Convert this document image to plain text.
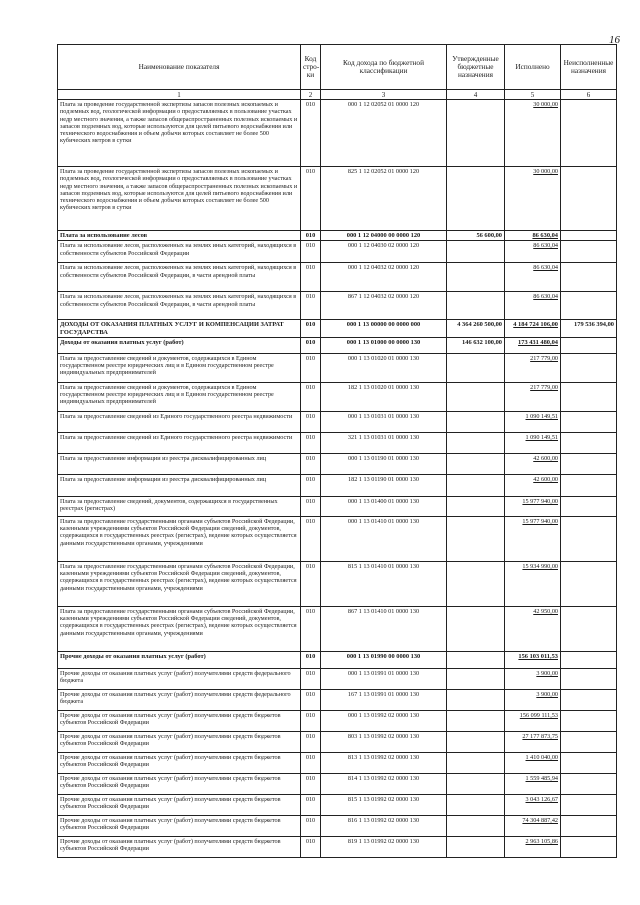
16
Наименование показателя	Код стро-ки	Код дохода по бюджетной классификации	Утвержденные бюджетные назначения	Исполнено	Неисполненные назначения
1	2	3	4	5	6
Плата за проведение государственной экспертизы запасов полезных ископаемых и подземных вод, геологической информации о предоставляемых в пользование участках недр местного значения, а также запасов общераспространенных полезных ископаемых и запасов подземных вод, которые используются для целей питьевого водоснабжения или технического водоснабжения и объем добычи которых составляет не более 500 кубических метров в сутки	010	000 1 12 02052 01 0000 120		30 000,00	
Плата за проведение государственной экспертизы запасов полезных ископаемых и подземных вод, геологической информации о предоставляемых в пользование участках недр местного значения, а также запасов общераспространенных полезных ископаемых и запасов подземных вод, которые используются для целей питьевого водоснабжения или технического водоснабжения и объем добычи которых составляет не более 500 кубических метров в сутки	010	825 1 12 02052 01 0000 120		30 000,00	
Плата за использование лесов	010	000 1 12 04000 00 0000 120	56 600,00	86 630,04	
Плата за использование лесов, расположенных на землях иных категорий, находящихся в собственности субъектов Российской Федерации	010	000 1 12 04030 02 0000 120		86 630,04	
Плата за использование лесов, расположенных на землях иных категорий, находящихся в собственности субъектов Российской Федерации, в части арендной платы	010	000 1 12 04032 02 0000 120		86 630,04	
Плата за использование лесов, расположенных на землях иных категорий, находящихся в собственности субъектов Российской Федерации, в части арендной платы	010	867 1 12 04032 02 0000 120		86 630,04	
ДОХОДЫ ОТ ОКАЗАНИЯ ПЛАТНЫХ УСЛУГ И КОМПЕНСАЦИИ ЗАТРАТ ГОСУДАРСТВА	010	000 1 13 00000 00 0000 000	4 364 260 500,00	4 184 724 106,00	179 536 394,00
Доходы от оказания платных услуг (работ)	010	000 1 13 01000 00 0000 130	146 632 100,00	173 431 480,04	
Плата за предоставление сведений и документов, содержащихся в Едином государственном реестре юридических лиц и в Едином государственном реестре индивидуальных предпринимателей	010	000 1 13 01020 01 0000 130		217 779,00	
Плата за предоставление сведений и документов, содержащихся в Едином государственном реестре юридических лиц и в Едином государственном реестре индивидуальных предпринимателей	010	182 1 13 01020 01 0000 130		217 779,00	
Плата за предоставление сведений из Единого государственного реестра недвижимости	010	000 1 13 01031 01 0000 130		1 090 149,51	
Плата за предоставление сведений из Единого государственного реестра недвижимости	010	321 1 13 01031 01 0000 130		1 090 149,51	
Плата за предоставление информации из реестра дисквалифицированных лиц	010	000 1 13 01190 01 0000 130		42 600,00	
Плата за предоставление информации из реестра дисквалифицированных лиц	010	182 1 13 01190 01 0000 130		42 600,00	
Плата за предоставление сведений, документов, содержащихся в государственных реестрах (регистрах)	010	000 1 13 01400 01 0000 130		15 977 940,00	
Плата за предоставление государственными органами субъектов Российской Федерации, казенными учреждениями субъектов Российской Федерации сведений, документов, содержащихся в государственных реестрах (регистрах), ведение которых осуществляется данными государственными органами, учреждениями	010	000 1 13 01410 01 0000 130		15 977 940,00	
Плата за предоставление государственными органами субъектов Российской Федерации, казенными учреждениями субъектов Российской Федерации сведений, документов, содержащихся в государственных реестрах (регистрах), ведение которых осуществляется данными государственными органами, учреждениями	010	815 1 13 01410 01 0000 130		15 934 990,00	
Плата за предоставление государственными органами субъектов Российской Федерации, казенными учреждениями субъектов Российской Федерации сведений, документов, содержащихся в государственных реестрах (регистрах), ведение которых осуществляется данными государственными органами, учреждениями	010	867 1 13 01410 01 0000 130		42 950,00	
Прочие доходы от оказания платных услуг (работ)	010	000 1 13 01990 00 0000 130		156 103 011,53	
Прочие доходы от оказания платных услуг (работ) получателями средств федерального бюджета	010	000 1 13 01991 01 0000 130		3 900,00	
Прочие доходы от оказания платных услуг (работ) получателями средств федерального бюджета	010	167 1 13 01991 01 0000 130		3 900,00	
Прочие доходы от оказания платных услуг (работ) получателями средств бюджетов субъектов Российской Федерации	010	000 1 13 01992 02 0000 130		156 099 111,53	
Прочие доходы от оказания платных услуг (работ) получателями средств бюджетов субъектов Российской Федерации	010	803 1 13 01992 02 0000 130		27 177 873,75	
Прочие доходы от оказания платных услуг (работ) получателями средств бюджетов субъектов Российской Федерации	010	813 1 13 01992 02 0000 130		1 410 040,00	
Прочие доходы от оказания платных услуг (работ) получателями средств бюджетов субъектов Российской Федерации	010	814 1 13 01992 02 0000 130		1 559 485,94	
Прочие доходы от оказания платных услуг (работ) получателями средств бюджетов субъектов Российской Федерации	010	815 1 13 01992 02 0000 130		3 043 126,67	
Прочие доходы от оказания платных услуг (работ) получателями средств бюджетов субъектов Российской Федерации	010	816 1 13 01992 02 0000 130		74 304 887,42	
Прочие доходы от оказания платных услуг (работ) получателями средств бюджетов субъектов Российской Федерации	010	819 1 13 01992 02 0000 130		2 963 105,86	
